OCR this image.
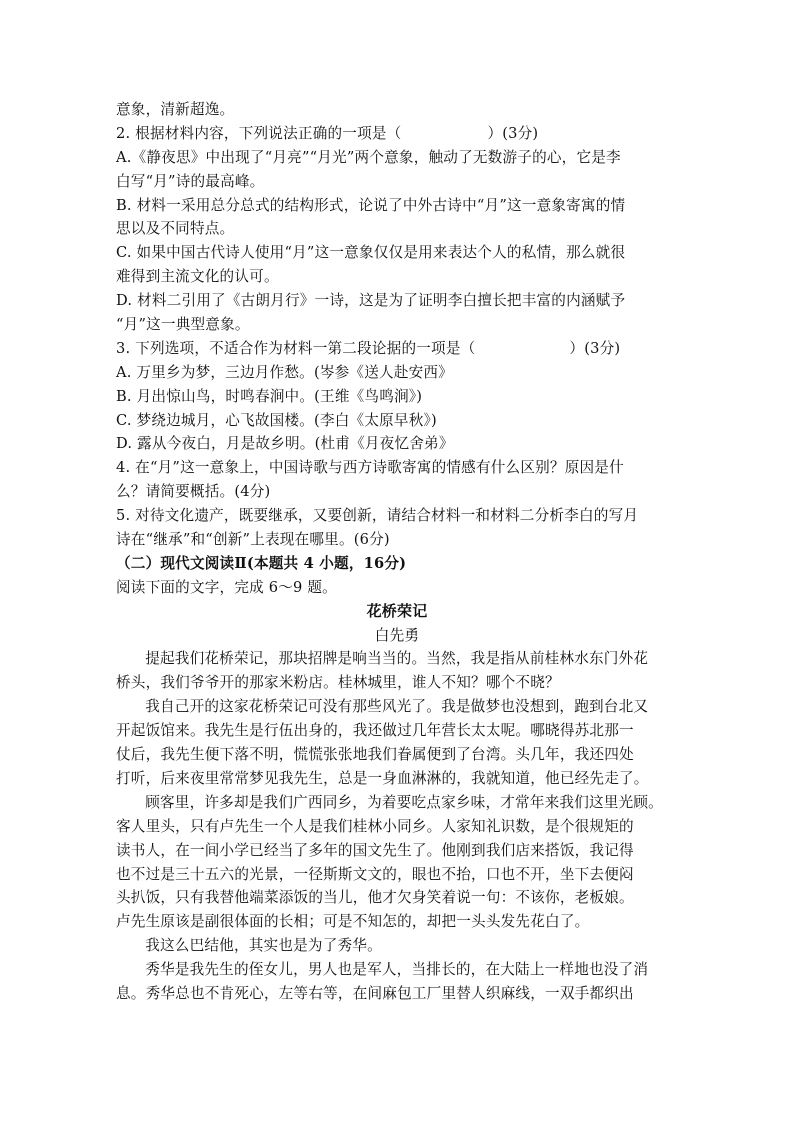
意象，清新超逸。
2. 根据材料内容，下列说法正确的一项是（	）(3分)
A.《静夜思》中出现了“月亮”“月光”两个意象，触动了无数游子的心，它是李
白写“月”诗的最高峰。
B. 材料一采用总分总式的结构形式，论说了中外古诗中“月”这一意象寄寓的情
思以及不同特点。
C. 如果中国古代诗人使用“月”这一意象仅仅是用来表达个人的私情，那么就很
难得到主流文化的认可。
D. 材料二引用了《古朗月行》一诗，这是为了证明李白擅长把丰富的内涵赋予
“月”这一典型意象。
3. 下列选项，不适合作为材料一第二段论据的一项是（	）(3分)
A. 万里乡为梦，三边月作愁。(岑参《送人赴安西》
B. 月出惊山鸟，时鸣春涧中。(王维《鸟鸣涧》)
C. 梦绕边城月，心飞故国楼。(李白《太原早秋》)
D. 露从今夜白，月是故乡明。(杜甫《月夜忆舍弟》
4. 在“月”这一意象上，中国诗歌与西方诗歌寄寓的情感有什么区别？原因是什
么？请简要概括。(4分)
5. 对待文化遗产，既要继承，又要创新，请结合材料一和材料二分析李白的写月
诗在“继承”和“创新”上表现在哪里。(6分)
（二）现代文阅读Ⅱ(本题共 4 小题，16分)
阅读下面的文字，完成 6～9 题。
花桥荣记
白先勇
提起我们花桥荣记，那块招牌是响当当的。当然，我是指从前桂林水东门外花
桥头，我们爷爷开的那家米粉店。桂林城里，谁人不知？哪个不晓？
我自己开的这家花桥荣记可没有那些风光了。我是做梦也没想到，跑到台北又
开起饭馆来。我先生是行伍出身的，我还做过几年营长太太呢。哪晓得苏北那一
仗后，我先生便下落不明，慌慌张张地我们眷属便到了台湾。头几年，我还四处
打听，后来夜里常常梦见我先生，总是一身血淋淋的，我就知道，他已经先走了。
顾客里，许多却是我们广西同乡，为着要吃点家乡味，才常年来我们这里光顾。
客人里头，只有卢先生一个人是我们桂林小同乡。人家知礼识数，是个很规矩的
读书人，在一间小学已经当了多年的国文先生了。他刚到我们店来搭饭，我记得
也不过是三十五六的光景，一径斯斯文文的，眼也不抬，口也不开，坐下去便闷
头扒饭，只有我替他端菜添饭的当儿，他才欠身笑着说一句：不该你，老板娘。
卢先生原该是副很体面的长相；可是不知怎的，却把一头头发先花白了。
我这么巴结他，其实也是为了秀华。
秀华是我先生的侄女儿，男人也是军人，当排长的，在大陆上一样地也没了消
息。秀华总也不肯死心，左等右等，在间麻包工厂里替人织麻线，一双手都织出
